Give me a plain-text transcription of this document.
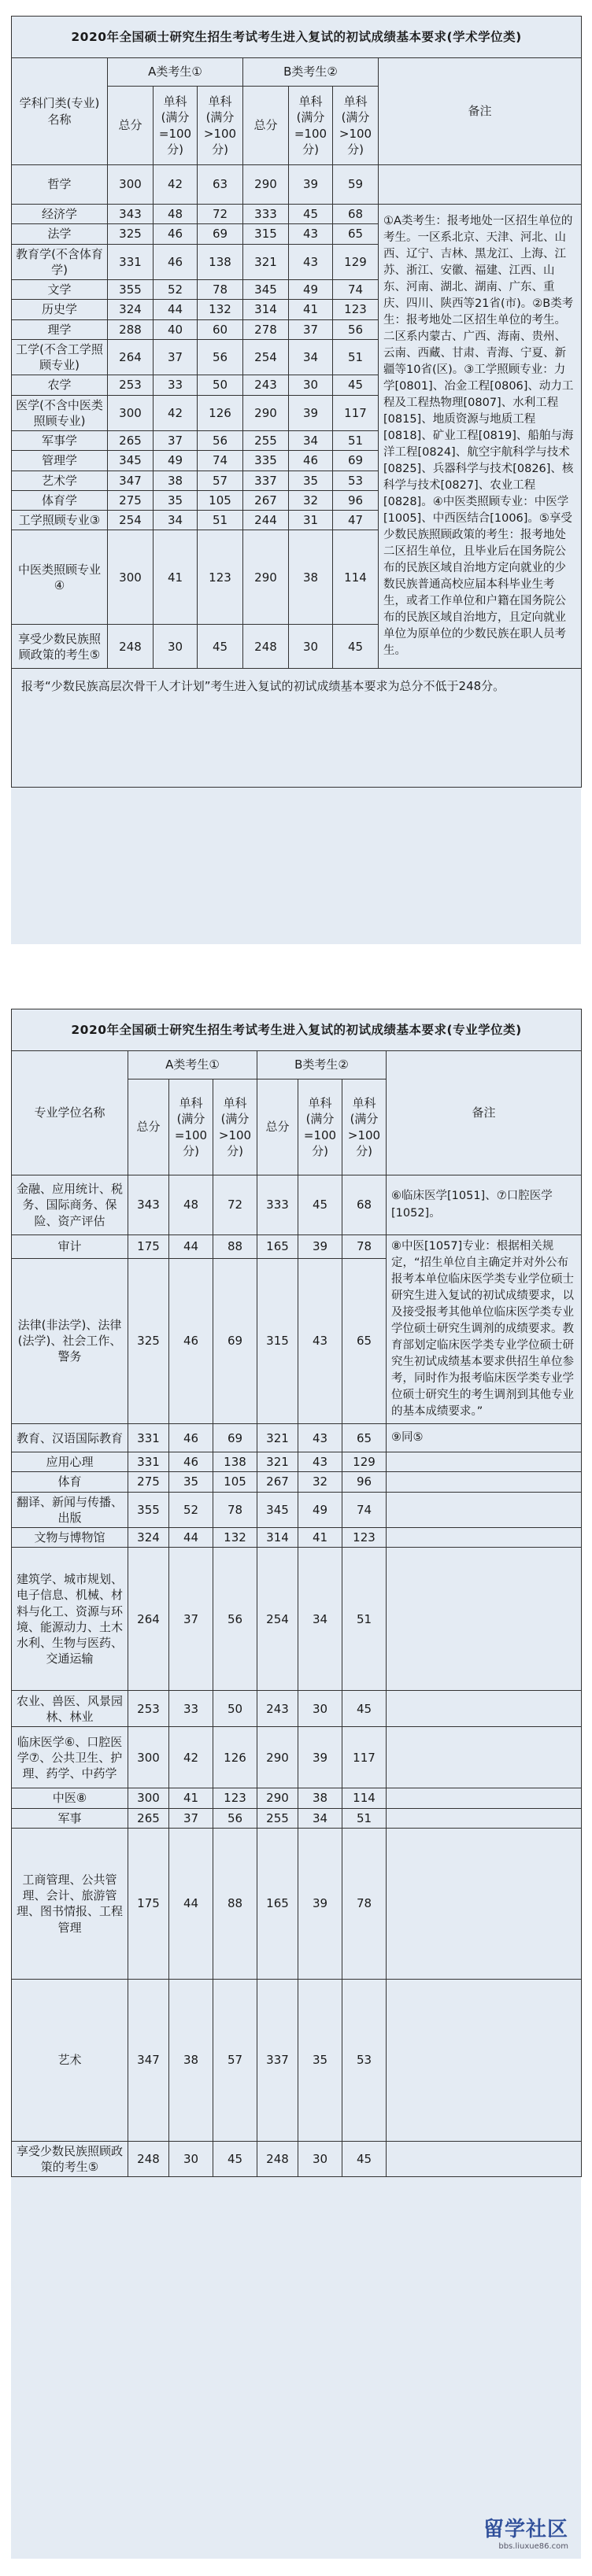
2020年全国硕士研究生招生考试考生进入复试的初试成绩基本要求(学术学位类)							
学科门类(专业)名称	A类考生①			B类考生②			备注
	总分	单科(满分=100分)	单科(满分>100分)	总分	单科(满分=100分)	单科(满分>100分)	

哲学	300	42	63	290	39	59	
经济学	343	48	72	333	45	68	①A类考生：报考地处一区招生单位的考生。一区系北京、天津、河北、山西、辽宁、吉林、黑龙江、上海、江苏、浙江、安徽、福建、江西、山东、河南、湖北、湖南、广东、重庆、四川、陕西等21省(市)。②B类考生：报考地处二区招生单位的考生。二区系内蒙古、广西、海南、贵州、云南、西藏、甘肃、青海、宁夏、新疆等10省(区)。③工学照顾专业：力学[0801]、冶金工程[0806]、动力工程及工程热物理[0807]、水利工程[0815]、地质资源与地质工程[0818]、矿业工程[0819]、船舶与海洋工程[0824]、航空宇航科学与技术[0825]、兵器科学与技术[0826]、核科学与技术[0827]、农业工程[0828]。④中医类照顾专业：中医学[1005]、中西医结合[1006]。⑤享受少数民族照顾政策的考生：报考地处二区招生单位，且毕业后在国务院公布的民族区域自治地方定向就业的少数民族普通高校应届本科毕业生考生，或者工作单位和户籍在国务院公布的民族区域自治地方，且定向就业单位为原单位的少数民族在职人员考生。
法学	325	46	69	315	43	65	
教育学(不含体育学)	331	46	138	321	43	129	
文学	355	52	78	345	49	74	
历史学	324	44	132	314	41	123	
理学	288	40	60	278	37	56	
工学(不含工学照顾专业)	264	37	56	254	34	51	
农学	253	33	50	243	30	45	
医学(不含中医类照顾专业)	300	42	126	290	39	117	
军事学	265	37	56	255	34	51	
管理学	345	49	74	335	46	69	
艺术学	347	38	57	337	35	53	
体育学	275	35	105	267	32	96	
工学照顾专业③	254	34	51	244	31	47	
中医类照顾专业④	300	41	123	290	38	114	
享受少数民族照顾政策的考生⑤	248	30	45	248	30	45	
报考“少数民族高层次骨干人才计划”考生进入复试的初试成绩基本要求为总分不低于248分。							
2020年全国硕士研究生招生考试考生进入复试的初试成绩基本要求(专业学位类)							
专业学位名称	A类考生①			B类考生②			备注
	总分	单科(满分=100分)	单科(满分>100分)	总分	单科(满分=100分)	单科(满分>100分)	

金融、应用统计、税务、国际商务、保险、资产评估	343	48	72	333	45	68	⑥临床医学[1051]、⑦口腔医学[1052]。
审计	175	44	88	165	39	78	⑧中医[1057]专业：根据相关规定，“招生单位自主确定并对外公布报考本单位临床医学类专业学位硕士研究生进入复试的初试成绩要求，以及接受报考其他单位临床医学类专业学位硕士研究生调剂的成绩要求。教育部划定临床医学类专业学位硕士研究生初试成绩基本要求供招生单位参考，同时作为报考临床医学类专业学位硕士研究生的考生调剂到其他专业的基本成绩要求。”
法律(非法学)、法律(法学)、社会工作、警务	325	46	69	315	43	65	
教育、汉语国际教育	331	46	69	321	43	65	⑨同⑤
应用心理	331	46	138	321	43	129	
体育	275	35	105	267	32	96	
翻译、新闻与传播、出版	355	52	78	345	49	74	
文物与博物馆	324	44	132	314	41	123	
建筑学、城市规划、电子信息、机械、材料与化工、资源与环境、能源动力、土木水利、生物与医药、交通运输	264	37	56	254	34	51	
农业、兽医、风景园林、林业	253	33	50	243	30	45	
临床医学⑥、口腔医学⑦、公共卫生、护理、药学、中药学	300	42	126	290	39	117	
中医⑧	300	41	123	290	38	114	
军事	265	37	56	255	34	51	
工商管理、公共管理、会计、旅游管理、图书情报、工程管理	175	44	88	165	39	78	
艺术	347	38	57	337	35	53	
享受少数民族照顾政策的考生⑤	248	30	45	248	30	45	
留学社区
bbs.liuxue86.com
